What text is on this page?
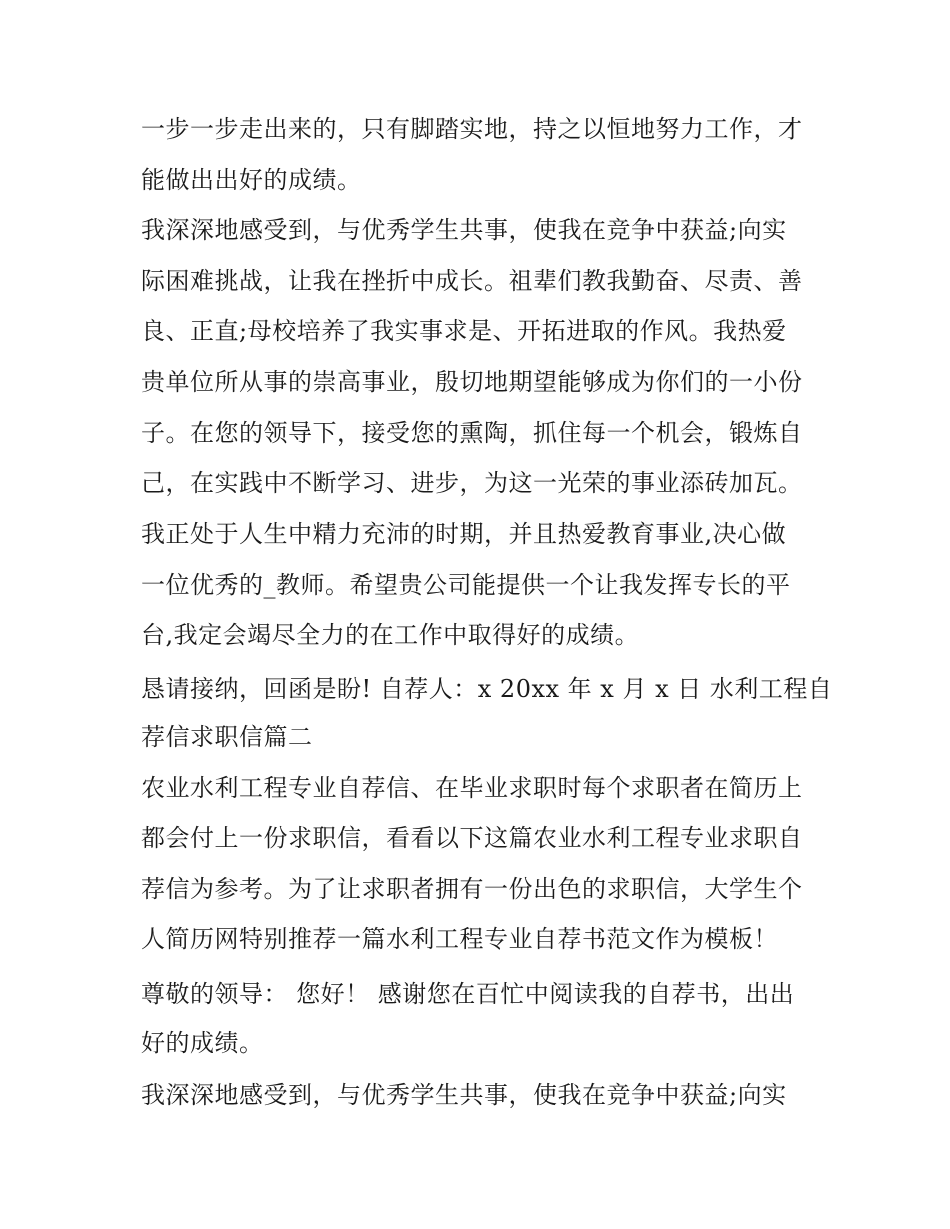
一步一步走出来的，只有脚踏实地，持之以恒地努力工作，才
能做出出好的成绩。
我深深地感受到，与优秀学生共事，使我在竞争中获益;向实
际困难挑战，让我在挫折中成长。祖辈们教我勤奋、尽责、善
良、正直;母校培养了我实事求是、开拓进取的作风。我热爱
贵单位所从事的崇高事业，殷切地期望能够成为你们的一小份
子。在您的领导下，接受您的熏陶，抓住每一个机会，锻炼自
己，在实践中不断学习、进步，为这一光荣的事业添砖加瓦。
我正处于人生中精力充沛的时期，并且热爱教育事业,决心做
一位优秀的_教师。希望贵公司能提供一个让我发挥专长的平
台,我定会竭尽全力的在工作中取得好的成绩。
恳请接纳，回函是盼! 自荐人：x 20xx 年 x 月 x 日 水利工程自
荐信求职信篇二
农业水利工程专业自荐信、在毕业求职时每个求职者在简历上
都会付上一份求职信，看看以下这篇农业水利工程专业求职自
荐信为参考。为了让求职者拥有一份出色的求职信，大学生个
人简历网特别推荐一篇水利工程专业自荐书范文作为模板！
尊敬的领导： 您好！ 感谢您在百忙中阅读我的自荐书，出出
好的成绩。
我深深地感受到，与优秀学生共事，使我在竞争中获益;向实
